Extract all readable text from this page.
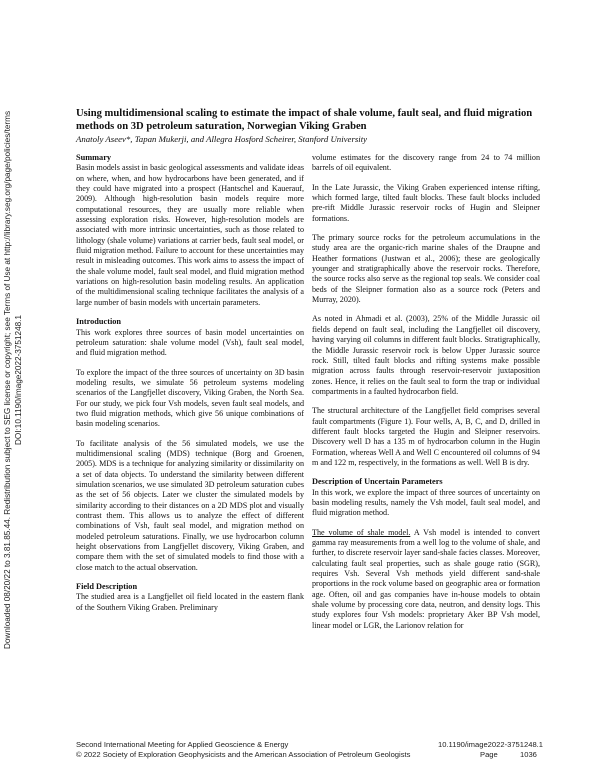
Downloaded 08/20/22 to 3.81.85.44. Redistribution subject to SEG license or copyright; see Terms of Use at http://library.seg.org/page/policies/terms DOI:10.1190/image2022-3751248.1
Using multidimensional scaling to estimate the impact of shale volume, fault seal, and fluid migration methods on 3D petroleum saturation, Norwegian Viking Graben
Anatoly Aseev*, Tapan Mukerji, and Allegra Hosford Scheirer, Stanford University
Summary

Basin models assist in basic geological assessments and validate ideas on where, when, and how hydrocarbons have been generated, and if they could have migrated into a prospect (Hantschel and Kauerauf, 2009). Although high-resolution basin models require more computational resources, they are usually more reliable when assessing exploration risks. However, high-resolution models are associated with more intrinsic uncertainties, such as those related to lithology (shale volume) variations at carrier beds, fault seal model, or fluid migration method. Failure to account for these uncertainties may result in misleading outcomes. This work aims to assess the impact of the shale volume model, fault seal model, and fluid migration method variations on high-resolution basin modeling results. An application of the multidimensional scaling technique facilitates the analysis of a large number of basin models with uncertain parameters.

Introduction

This work explores three sources of basin model uncertainties on petroleum saturation: shale volume model (Vsh), fault seal model, and fluid migration method.

To explore the impact of the three sources of uncertainty on 3D basin modeling results, we simulate 56 petroleum systems modeling scenarios of the Langfjellet discovery, Viking Graben, the North Sea. For our study, we pick four Vsh models, seven fault seal models, and two fluid migration methods, which give 56 unique combinations of basin modeling scenarios.

To facilitate analysis of the 56 simulated models, we use the multidimensional scaling (MDS) technique (Borg and Groenen, 2005). MDS is a technique for analyzing similarity or dissimilarity on a set of data objects. To understand the similarity between different simulation scenarios, we use simulated 3D petroleum saturation cubes as the set of 56 objects. Later we cluster the simulated models by similarity according to their distances on a 2D MDS plot and visually contrast them. This allows us to analyze the effect of different combinations of Vsh, fault seal model, and migration method on modeled petroleum saturations. Finally, we use hydrocarbon column height observations from Langfjellet discovery, Viking Graben, and compare them with the set of simulated models to find those with a close match to the actual observation.

Field Description

The studied area is a Langfjellet oil field located in the eastern flank of the Southern Viking Graben. Preliminary

volume estimates for the discovery range from 24 to 74 million barrels of oil equivalent.

In the Late Jurassic, the Viking Graben experienced intense rifting, which formed large, tilted fault blocks. These fault blocks included pre-rift Middle Jurassic reservoir rocks of Hugin and Sleipner formations.

The primary source rocks for the petroleum accumulations in the study area are the organic-rich marine shales of the Draupne and Heather formations (Justwan et al., 2006); these are geologically younger and stratigraphically above the reservoir rocks. Therefore, the source rocks also serve as the regional top seals. We consider coal beds of the Sleipner formation also as a source rock (Peters and Murray, 2020).

As noted in Ahmadi et al. (2003), 25% of the Middle Jurassic oil fields depend on fault seal, including the Langfjellet oil discovery, having varying oil columns in different fault blocks. Stratigraphically, the Middle Jurassic reservoir rock is below Upper Jurassic source rock. Still, tilted fault blocks and rifting systems make possible migration across faults through reservoir-reservoir juxtaposition zones. Hence, it relies on the fault seal to form the trap or individual compartments in a faulted hydrocarbon field.

The structural architecture of the Langfjellet field comprises several fault compartments (Figure 1). Four wells, A, B, C, and D, drilled in different fault blocks targeted the Hugin and Sleipner reservoirs. Discovery well D has a 135 m of hydrocarbon column in the Hugin Formation, whereas Well A and Well C encountered oil columns of 94 m and 122 m, respectively, in the formations as well. Well B is dry.

Description of Uncertain Parameters

In this work, we explore the impact of three sources of uncertainty on basin modeling results, namely the Vsh model, fault seal model, and fluid migration method.

The volume of shale model. A Vsh model is intended to convert gamma ray measurements from a well log to the volume of shale, and further, to discrete reservoir layer sand-shale facies classes. Moreover, calculating fault seal properties, such as shale gouge ratio (SGR), requires Vsh. Several Vsh methods yield different sand-shale proportions in the rock volume based on geographic area or formation age. Often, oil and gas companies have in-house models to obtain shale volume by processing core data, neutron, and density logs. This study explores four Vsh models: proprietary Aker BP Vsh model, linear model or LGR, the Larionov relation for

Second International Meeting for Applied Geoscience & Energy	10.1190/image2022-3751248.1
© 2022 Society of Exploration Geophysicists and the American Association of Petroleum Geologists	Page	1036
